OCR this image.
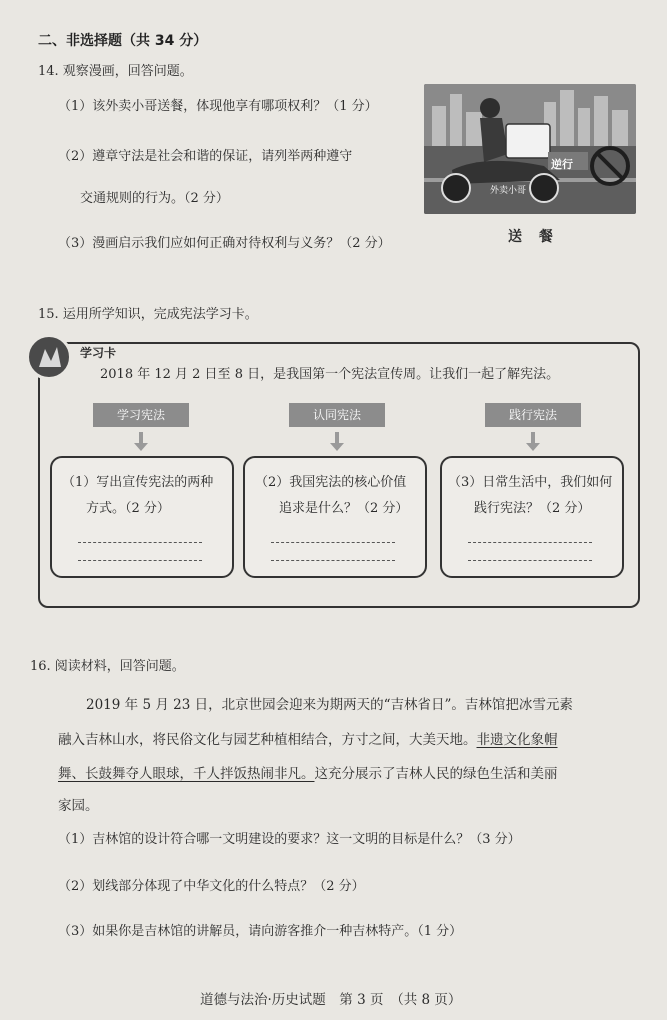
二、非选择题（共 34 分）
14. 观察漫画，回答问题。
（1）该外卖小哥送餐，体现他享有哪项权利？（1 分）
（2）遵章守法是社会和谐的保证，请列举两种遵守
交通规则的行为。（2 分）
（3）漫画启示我们应如何正确对待权利与义务？（2 分）
逆行
外卖小哥
送 餐
15. 运用所学知识，完成宪法学习卡。
学习卡
2018 年 12 月 2 日至 8 日，是我国第一个宪法宣传周。让我们一起了解宪法。
学习宪法	认同宪法	践行宪法
（1）写出宣传宪法的两种
方式。（2 分）
（2）我国宪法的核心价值
追求是什么？（2 分）
（3）日常生活中，我们如何
践行宪法？（2 分）
16. 阅读材料，回答问题。
2019 年 5 月 23 日，北京世园会迎来为期两天的“吉林省日”。吉林馆把冰雪元素
融入吉林山水，将民俗文化与园艺种植相结合，方寸之间，大美天地。非遗文化象帽
舞、长鼓舞夺人眼球，千人拌饭热闹非凡。这充分展示了吉林人民的绿色生活和美丽
家园。
（1）吉林馆的设计符合哪一文明建设的要求？这一文明的目标是什么？（3 分）
（2）划线部分体现了中华文化的什么特点？（2 分）
（3）如果你是吉林馆的讲解员，请向游客推介一种吉林特产。（1 分）
道德与法治·历史试题　第 3 页　（共 8 页）
